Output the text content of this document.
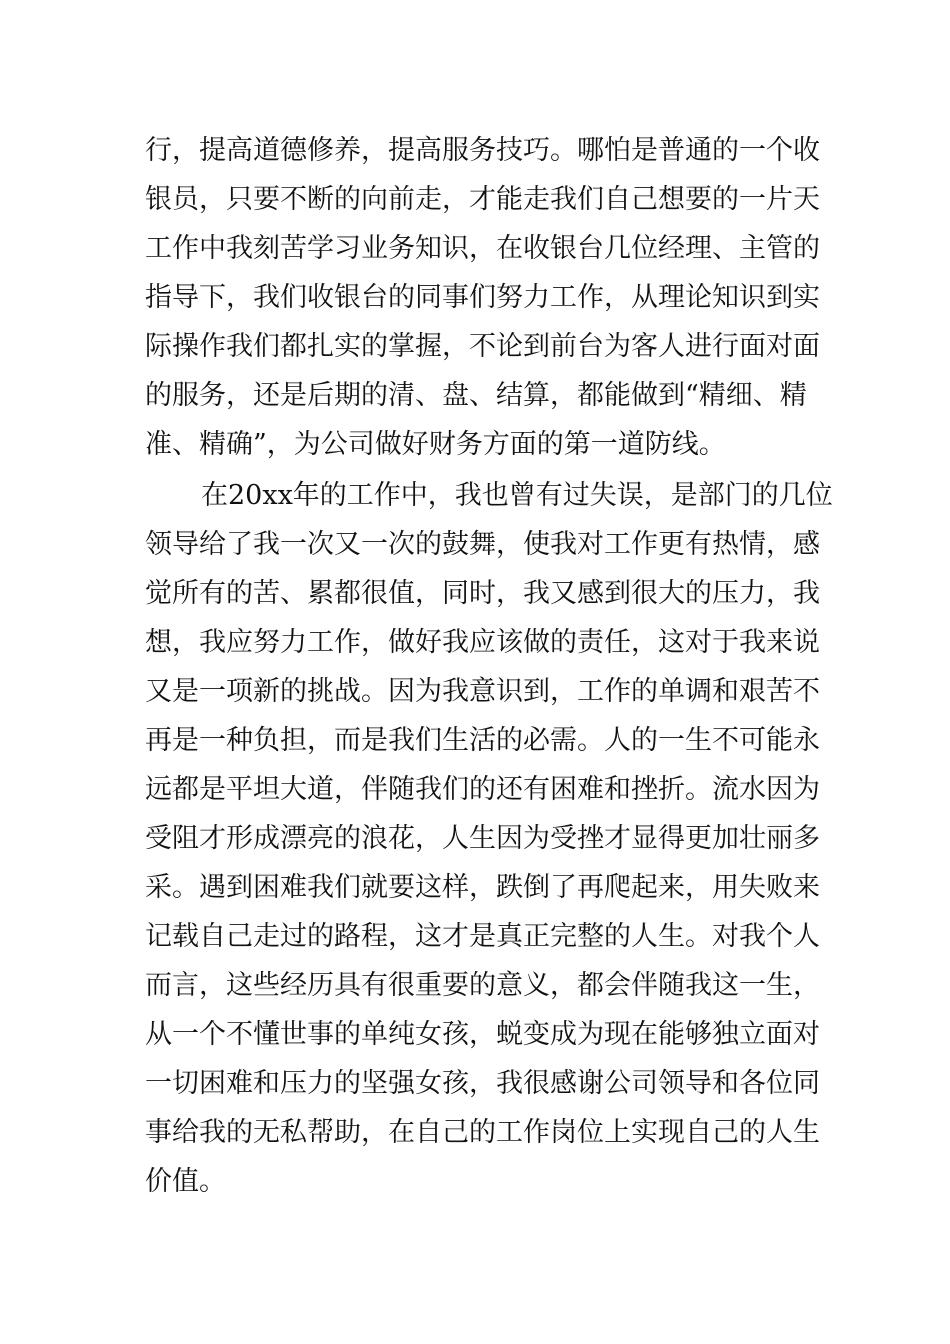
行，提高道德修养，提高服务技巧。哪怕是普通的一个收

银员，只要不断的向前走，才能走我们自己想要的一片天

工作中我刻苦学习业务知识，在收银台几位经理、主管的

指导下，我们收银台的同事们努力工作，从理论知识到实

际操作我们都扎实的掌握，不论到前台为客人进行面对面

的服务，还是后期的清、盘、结算，都能做到“精细、精

准、精确”，为公司做好财务方面的第一道防线。

在20xx年的工作中，我也曾有过失误，是部门的几位

领导给了我一次又一次的鼓舞，使我对工作更有热情，感

觉所有的苦、累都很值，同时，我又感到很大的压力，我

想，我应努力工作，做好我应该做的责任，这对于我来说

又是一项新的挑战。因为我意识到，工作的单调和艰苦不

再是一种负担，而是我们生活的必需。人的一生不可能永

远都是平坦大道，伴随我们的还有困难和挫折。流水因为

受阻才形成漂亮的浪花，人生因为受挫才显得更加壮丽多

采。遇到困难我们就要这样，跌倒了再爬起来，用失败来

记载自己走过的路程，这才是真正完整的人生。对我个人

而言，这些经历具有很重要的意义，都会伴随我这一生，

从一个不懂世事的单纯女孩，蜕变成为现在能够独立面对

一切困难和压力的坚强女孩，我很感谢公司领导和各位同

事给我的无私帮助，在自己的工作岗位上实现自己的人生

价值。
